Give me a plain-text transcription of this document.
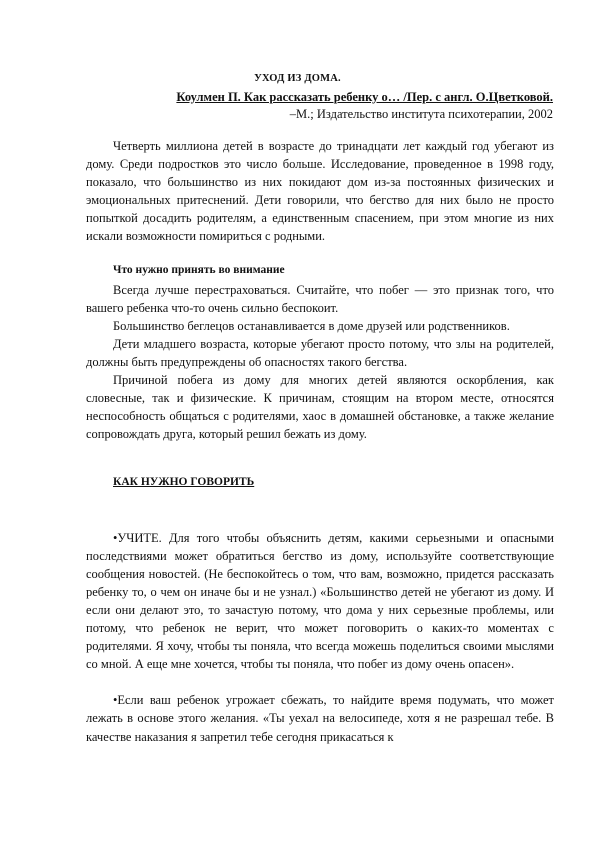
УХОД ИЗ ДОМА.
Коулмен П. Как рассказать ребенку о… /Пер. с англ. О.Цветковой.
–М.; Издательство института психотерапии, 2002

Четверть миллиона детей в возрасте до тринадцати лет каждый год убегают из дому. Среди подростков это число больше. Исследование, проведенное в 1998 году, показало, что большинство из них покидают дом из-за постоянных физических и эмоциональных притеснений. Дети говорили, что бегство для них было не просто попыткой досадить родителям, а единственным спасением, при этом многие из них искали возможности помириться с родными.

Что нужно принять во внимание

Всегда лучше перестраховаться. Считайте, что побег — это признак того, что вашего ребенка что-то очень сильно беспокоит.

Большинство беглецов останавливается в доме друзей или родственников.

Дети младшего возраста, которые убегают просто потому, что злы на родителей, должны быть предупреждены об опасностях такого бегства.

Причиной побега из дому для многих детей являются оскорбления, как словесные, так и физические. К причинам, стоящим на втором месте, относятся неспособность общаться с родителями, хаос в домашней обстановке, а также желание сопровождать друга, который решил бежать из дому.

КАК НУЖНО ГОВОРИТЬ

•УЧИТЕ. Для того чтобы объяснить детям, какими серьезными и опасными последствиями может обратиться бегство из дому, используйте соответствующие сообщения новостей. (Не беспокойтесь о том, что вам, возможно, придется рассказать ребенку то, о чем он иначе бы и не узнал.) «Большинство детей не убегают из дому. И если они делают это, то зачастую потому, что дома у них серьезные проблемы, или потому, что ребенок не верит, что может поговорить о каких-то моментах с родителями. Я хочу, чтобы ты поняла, что всегда можешь поделиться своими мыслями со мной. А еще мне хочется, чтобы ты поняла, что побег из дому очень опасен».

•Если ваш ребенок угрожает сбежать, то найдите время подумать, что может лежать в основе этого желания. «Ты уехал на велосипеде, хотя я не разрешал тебе. В качестве наказания я запретил тебе сегодня прикасаться к
